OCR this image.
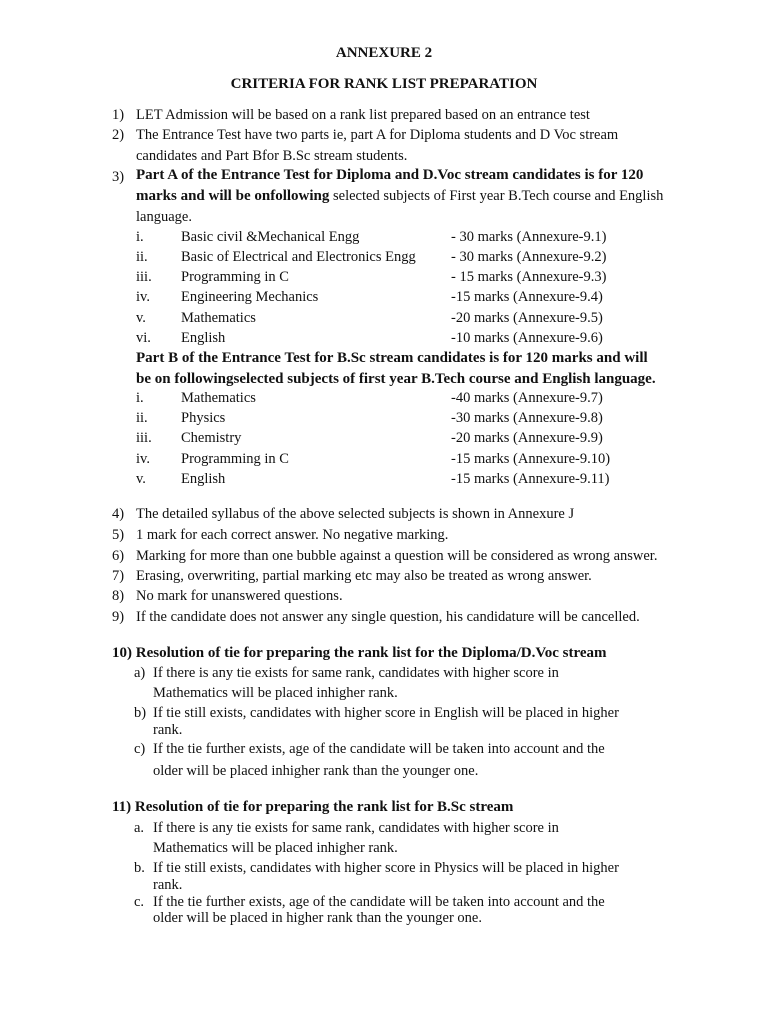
ANNEXURE 2
CRITERIA FOR RANK LIST PREPARATION
1) LET Admission will be based on a rank list prepared based on an entrance test
2) The Entrance Test have two parts ie, part A for Diploma students and D Voc stream
candidates and Part Bfor B.Sc stream students.
3) Part A of the Entrance Test for Diploma and D.Voc stream candidates is for 120
marks and will be onfollowing selected subjects of First year B.Tech course and English
language.
i.	Basic civil &Mechanical Engg	- 30 marks (Annexure-9.1)
ii. Basic of Electrical and Electronics Engg - 30 marks (Annexure-9.2)
iii. Programming in C	- 15 marks (Annexure-9.3)
iv. Engineering Mechanics	-15 marks (Annexure-9.4)
v. Mathematics	-20 marks (Annexure-9.5)
vi. English	-10 marks (Annexure-9.6)
Part B of the Entrance Test for B.Sc stream candidates is for 120 marks and will
be on followingselected subjects of first year B.Tech course and English language.
i.	Mathematics	-40 marks (Annexure-9.7)
ii. Physics	-30 marks (Annexure-9.8)
iii. Chemistry	-20 marks (Annexure-9.9)
iv. Programming in C	-15 marks (Annexure-9.10)
v. English	-15 marks (Annexure-9.11)
4) The detailed syllabus of the above selected subjects is shown in Annexure J
5) 1 mark for each correct answer. No negative marking.
6) Marking for more than one bubble against a question will be considered as wrong answer.
7) Erasing, overwriting, partial marking etc may also be treated as wrong answer.
8) No mark for unanswered questions.
9) If the candidate does not answer any single question, his candidature will be cancelled.
10) Resolution of tie for preparing the rank list for the Diploma/D.Voc stream
a) If there is any tie exists for same rank, candidates with higher score in
Mathematics will be placed inhigher rank.
b) If tie still exists, candidates with higher score in English will be placed in higher
rank.
c) If the tie further exists, age of the candidate will be taken into account and the
older will be placed inhigher rank than the younger one.
11) Resolution of tie for preparing the rank list for B.Sc stream
a. If there is any tie exists for same rank, candidates with higher score in
Mathematics will be placed inhigher rank.
b. If tie still exists, candidates with higher score in Physics will be placed in higher
rank.
c. If the tie further exists, age of the candidate will be taken into account and the
older will be placed in higher rank than the younger one.
